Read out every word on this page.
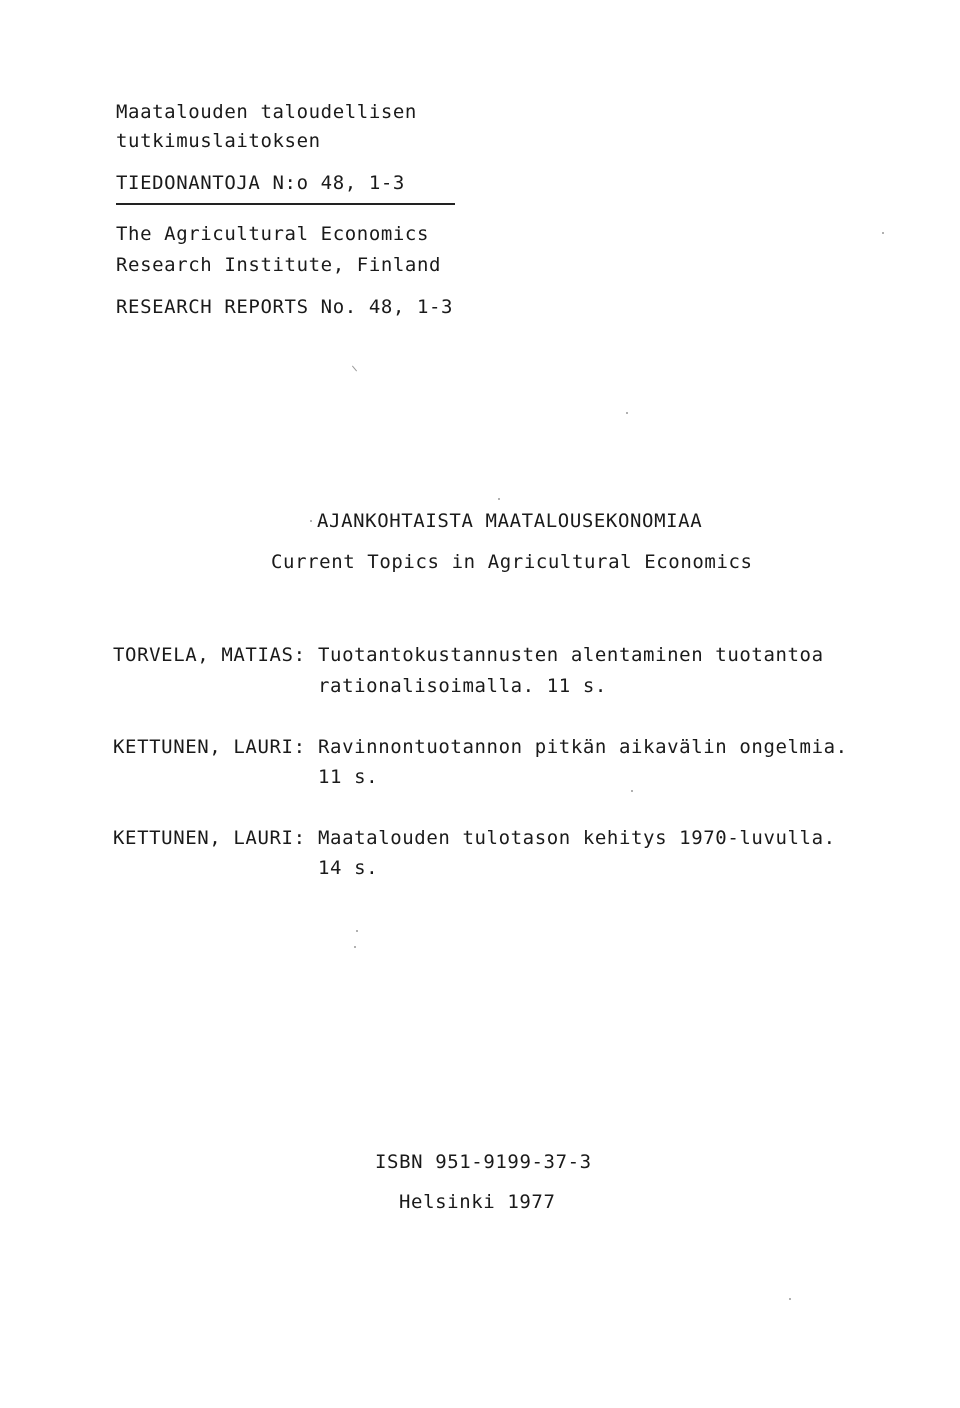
Maatalouden taloudellisen
tutkimuslaitoksen
TIEDONANTOJA N:o 48, 1-3
The Agricultural Economics
Research Institute, Finland
RESEARCH REPORTS No. 48, 1-3
AJANKOHTAISTA MAATALOUSEKONOMIAA
Current Topics in Agricultural Economics
TORVELA, MATIAS: Tuotantokustannusten alentaminen tuotantoa
rationalisoimalla. 11 s.
KETTUNEN, LAURI: Ravinnontuotannon pitkän aikavälin ongelmia.
11 s.
KETTUNEN, LAURI: Maatalouden tulotason kehitys 1970-luvulla.
14 s.
ISBN 951-9199-37-3
Helsinki 1977
